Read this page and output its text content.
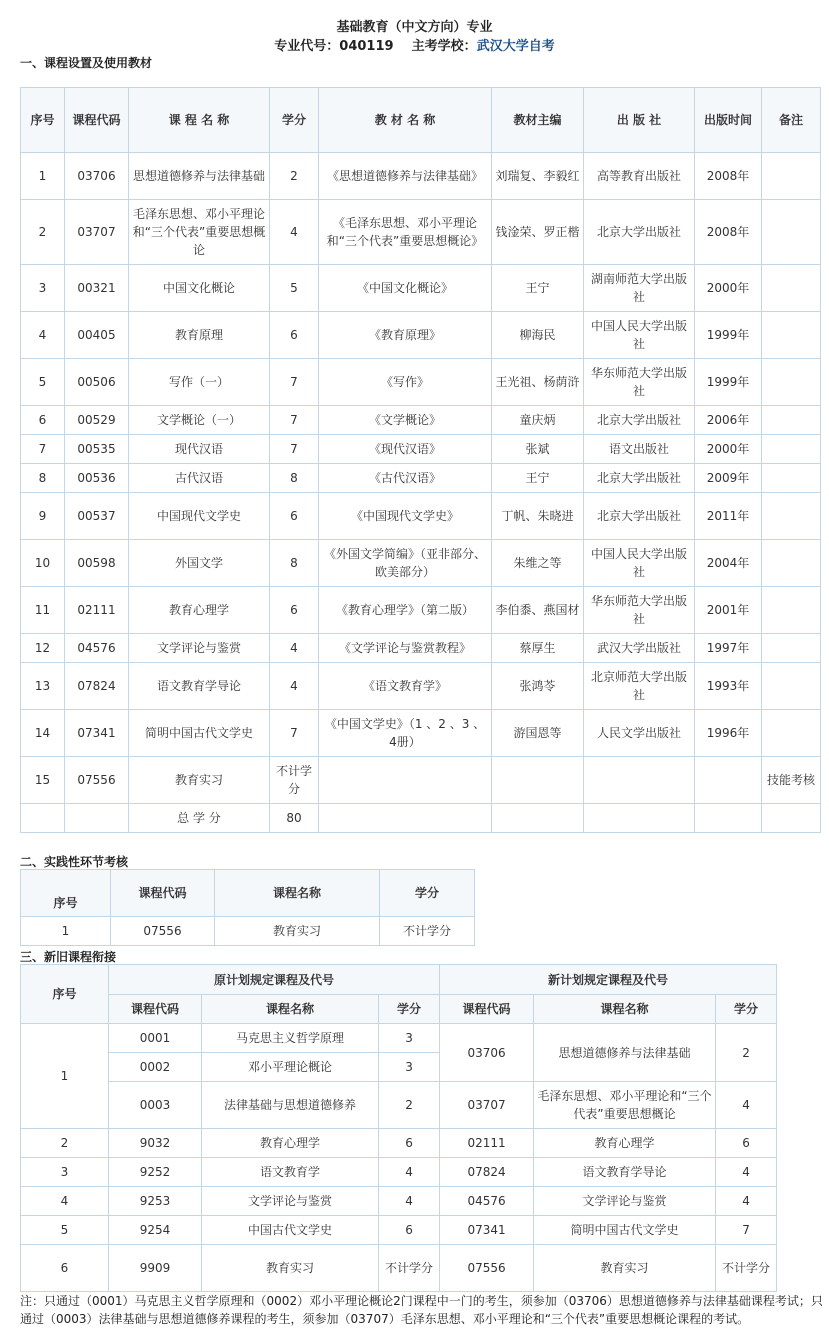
基础教育（中文方向）专业
专业代号：040119 主考学校：武汉大学自考
一、课程设置及使用教材
序号	课程代码	课 程 名 称	学分	教 材 名 称	教材主编	出 版 社	出版时间	备注
1	03706	思想道德修养与法律基础	2	《思想道德修养与法律基础》	刘瑞复、李毅红	高等教育出版社	2008年	
2	03707	毛泽东思想、邓小平理论和“三个代表”重要思想概论	4	《毛泽东思想、邓小平理论和“三个代表”重要思想概论》	钱淦荣、罗正楷	北京大学出版社	2008年	
3	00321	中国文化概论	5	《中国文化概论》	王宁	湖南师范大学出版社	2000年	
4	00405	教育原理	6	《教育原理》	柳海民	中国人民大学出版社	1999年	
5	00506	写作（一）	7	《写作》	王光祖、杨荫浒	华东师范大学出版社	1999年	
6	00529	文学概论（一）	7	《文学概论》	童庆炳	北京大学出版社	2006年	
7	00535	现代汉语	7	《现代汉语》	张斌	语文出版社	2000年	
8	00536	古代汉语	8	《古代汉语》	王宁	北京大学出版社	2009年	
9	00537	中国现代文学史	6	《中国现代文学史》	丁帆、朱晓进	北京大学出版社	2011年	
10	00598	外国文学	8	《外国文学简编》（亚非部分、欧美部分）	朱维之等	中国人民大学出版社	2004年	
11	02111	教育心理学	6	《教育心理学》（第二版）	李伯黍、燕国材	华东师范大学出版社	2001年	
12	04576	文学评论与鉴赏	4	《文学评论与鉴赏教程》	蔡厚生	武汉大学出版社	1997年	
13	07824	语文教育学导论	4	《语文教育学》	张鸿苓	北京师范大学出版社	1993年	
14	07341	简明中国古代文学史	7	《中国文学史》（1 、2 、3 、4册）	游国恩等	人民文学出版社	1996年	
15	07556	教育实习	不计学分					技能考核
		总 学 分	80					
二、实践性环节考核
序号	课程代码	课程名称	学分
1	07556	教育实习	不计学分
三、新旧课程衔接
序号	原计划规定课程及代号			新计划规定课程及代号		
	课程代码	课程名称	学分	课程代码	课程名称	学分
1	0001	马克思主义哲学原理	3	03706	思想道德修养与法律基础	2
	0002	邓小平理论概论	3			
	0003	法律基础与思想道德修养	2	03707	毛泽东思想、邓小平理论和“三个代表”重要思想概论	4
2	9032	教育心理学	6	02111	教育心理学	6
3	9252	语文教育学	4	07824	语文教育学导论	4
4	9253	文学评论与鉴赏	4	04576	文学评论与鉴赏	4
5	9254	中国古代文学史	6	07341	简明中国古代文学史	7
6	9909	教育实习	不计学分	07556	教育实习	不计学分
注：只通过（0001）马克思主义哲学原理和（0002）邓小平理论概论2门课程中一门的考生，须参加（03706）思想道德修养与法律基础课程考试；只通过（0003）法律基础与思想道德修养课程的考生，须参加（03707）毛泽东思想、邓小平理论和“三个代表”重要思想概论课程的考试。
